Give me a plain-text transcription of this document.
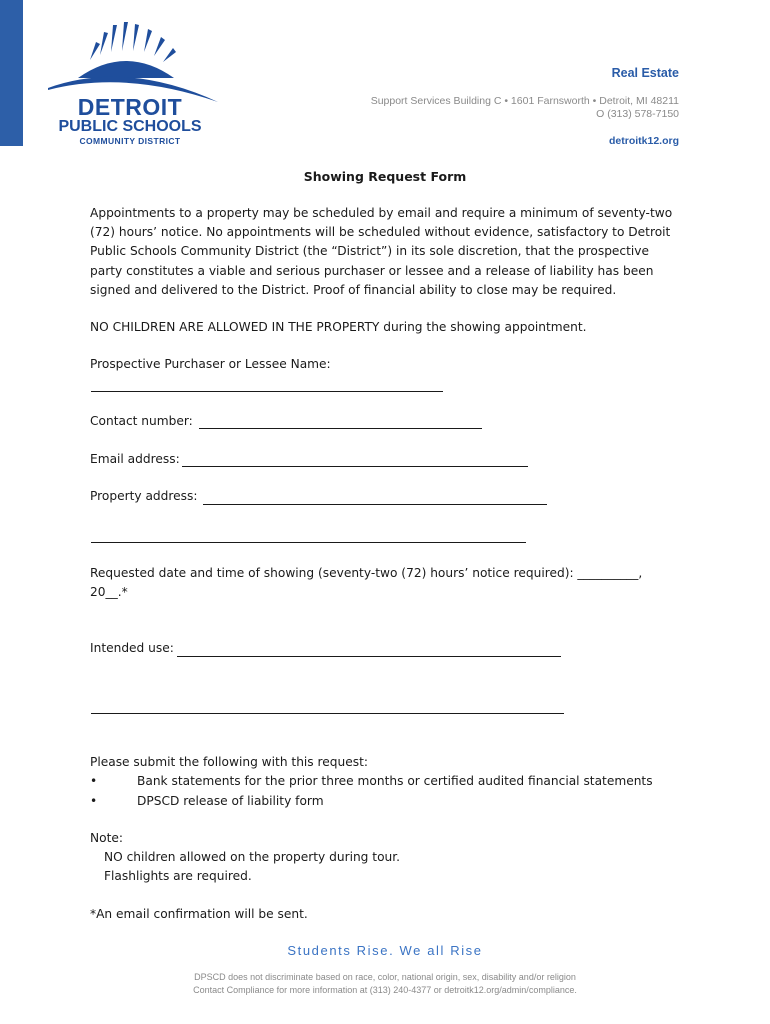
DETROIT
PUBLIC SCHOOLS
COMMUNITY DISTRICT
Real Estate
Support Services Building C • 1601 Farnsworth • Detroit, MI 48211
O (313) 578-7150
detroitk12.org
Showing Request Form
Appointments to a property may be scheduled by email and require a minimum of seventy-two
(72) hours’ notice. No appointments will be scheduled without evidence, satisfactory to Detroit
Public Schools Community District (the “District”) in its sole discretion, that the prospective
party constitutes a viable and serious purchaser or lessee and a release of liability has been
signed and delivered to the District. Proof of financial ability to close may be required.
NO CHILDREN ARE ALLOWED IN THE PROPERTY during the showing appointment.
Prospective Purchaser or Lessee Name:
Contact number:
Email address:
Property address:
Requested date and time of showing (seventy-two (72) hours’ notice required): __________,
20__.*
Intended use:
Please submit the following with this request:
•	Bank statements for the prior three months or certified audited financial statements
•	DPSCD release of liability form
Note:
NO children allowed on the property during tour.
Flashlights are required.
*An email confirmation will be sent.
Students Rise. We all Rise
DPSCD does not discriminate based on race, color, national origin, sex, disability and/or religion
Contact Compliance for more information at (313) 240-4377 or detroitk12.org/admin/compliance.
